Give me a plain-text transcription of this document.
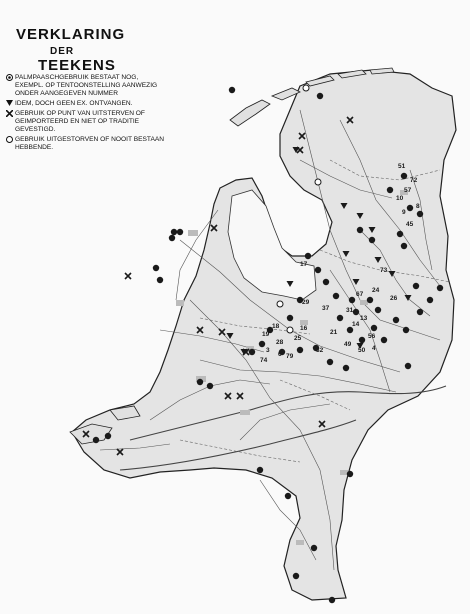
51
72
57
9
45
10
8
17
73
19
18
29
67
31
24
26
14
13
56
4
49
50
32
79
28
3
6
74
25
16
21
37
VERKLARING
DER
TEEKENS
PALMPAASCHGEBRUIK BESTAAT NOG, EXEMPL. OP TENTOONSTELLING AANWEZIG ONDER AANGEGEVEN NUMMER
IDEM, DOCH GEEN EX. ONTVANGEN.
GEBRUIK OP PUNT VAN UITSTERVEN OF GEIMPORTEERD EN NIET OP TRADITIE GEVESTIGD.
GEBRUIK UITGESTORVEN OF NOOIT BESTAAN HEBBENDE.
